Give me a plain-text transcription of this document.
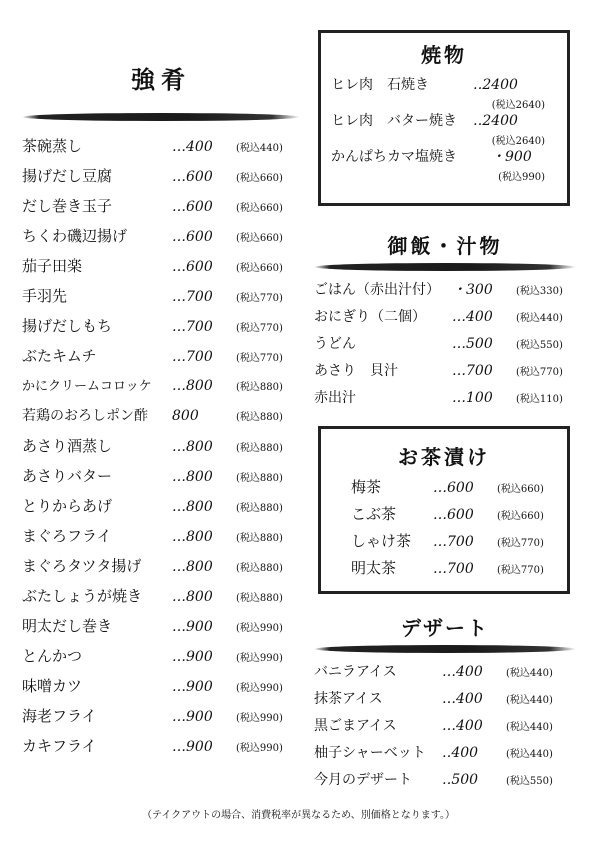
強肴
茶碗蒸し	…400	(税込440)
揚げだし豆腐	…600	(税込660)
だし巻き玉子	…600	(税込660)
ちくわ磯辺揚げ	…600	(税込660)
茄子田楽	…600	(税込660)
手羽先	…700	(税込770)
揚げだしもち	…700	(税込770)
ぶたキムチ	…700	(税込770)
かにクリームコロッケ	…800	(税込880)
若鶏のおろしポン酢	800	(税込880)
あさり酒蒸し	…800	(税込880)
あさりバター	…800	(税込880)
とりからあげ	…800	(税込880)
まぐろフライ	…800	(税込880)
まぐろタツタ揚げ	…800	(税込880)
ぶたしょうが焼き	…800	(税込880)
明太だし巻き	…900	(税込990)
とんかつ	…900	(税込990)
味噌カツ	…900	(税込990)
海老フライ	…900	(税込990)
カキフライ	…900	(税込990)
焼物
ヒレ肉　石焼き	‥2400
(税込2640)
ヒレ肉　バター焼き	‥2400
(税込2640)
かんぱちカマ塩焼き	・900
(税込990)
御飯・汁物
ごはん（赤出汁付） ・300	(税込330)
おにぎり（二個）	…400	(税込440)
うどん	…500	(税込550)
あさり　貝汁	…700	(税込770)
赤出汁	…100	(税込110)
お茶漬け
梅茶	…600	(税込660)
こぶ茶	…600	(税込660)
しゃけ茶	…700	(税込770)
明太茶	…700	(税込770)
デザート
バニラアイス	…400	(税込440)
抹茶アイス	…400	(税込440)
黒ごまアイス	…400	(税込440)
柚子シャーベット	‥400	(税込440)
今月のデザート	‥500	(税込550)
（テイクアウトの場合、消費税率が異なるため、別価格となります。）
